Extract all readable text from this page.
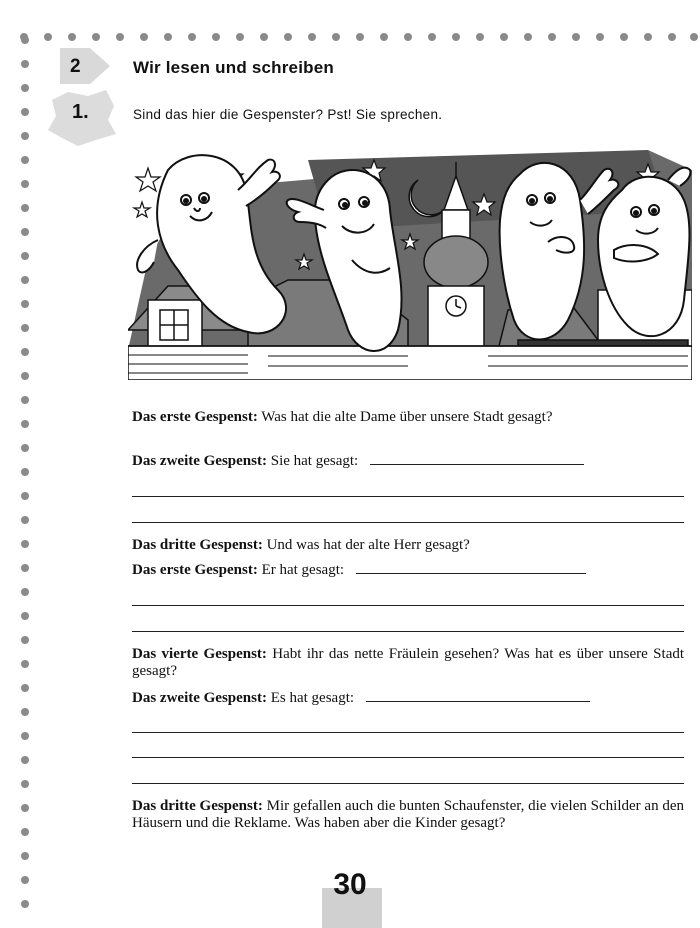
2	Wir lesen und schreiben
1.	Sind das hier die Gespenster? Pst! Sie sprechen.
Das erste Gespenst: Was hat die alte Dame über unsere Stadt gesagt?
Das zweite Gespenst: Sie hat gesagt:
Das dritte Gespenst: Und was hat der alte Herr gesagt?
Das erste Gespenst: Er hat gesagt:
Das vierte Gespenst: Habt ihr das nette Fräulein gesehen? Was hat es über unsere Stadt gesagt?
Das zweite Gespenst: Es hat gesagt:
Das dritte Gespenst: Mir gefallen auch die bunten Schaufenster, die vielen Schilder an den Häusern und die Reklame. Was haben aber die Kinder gesagt?
30
